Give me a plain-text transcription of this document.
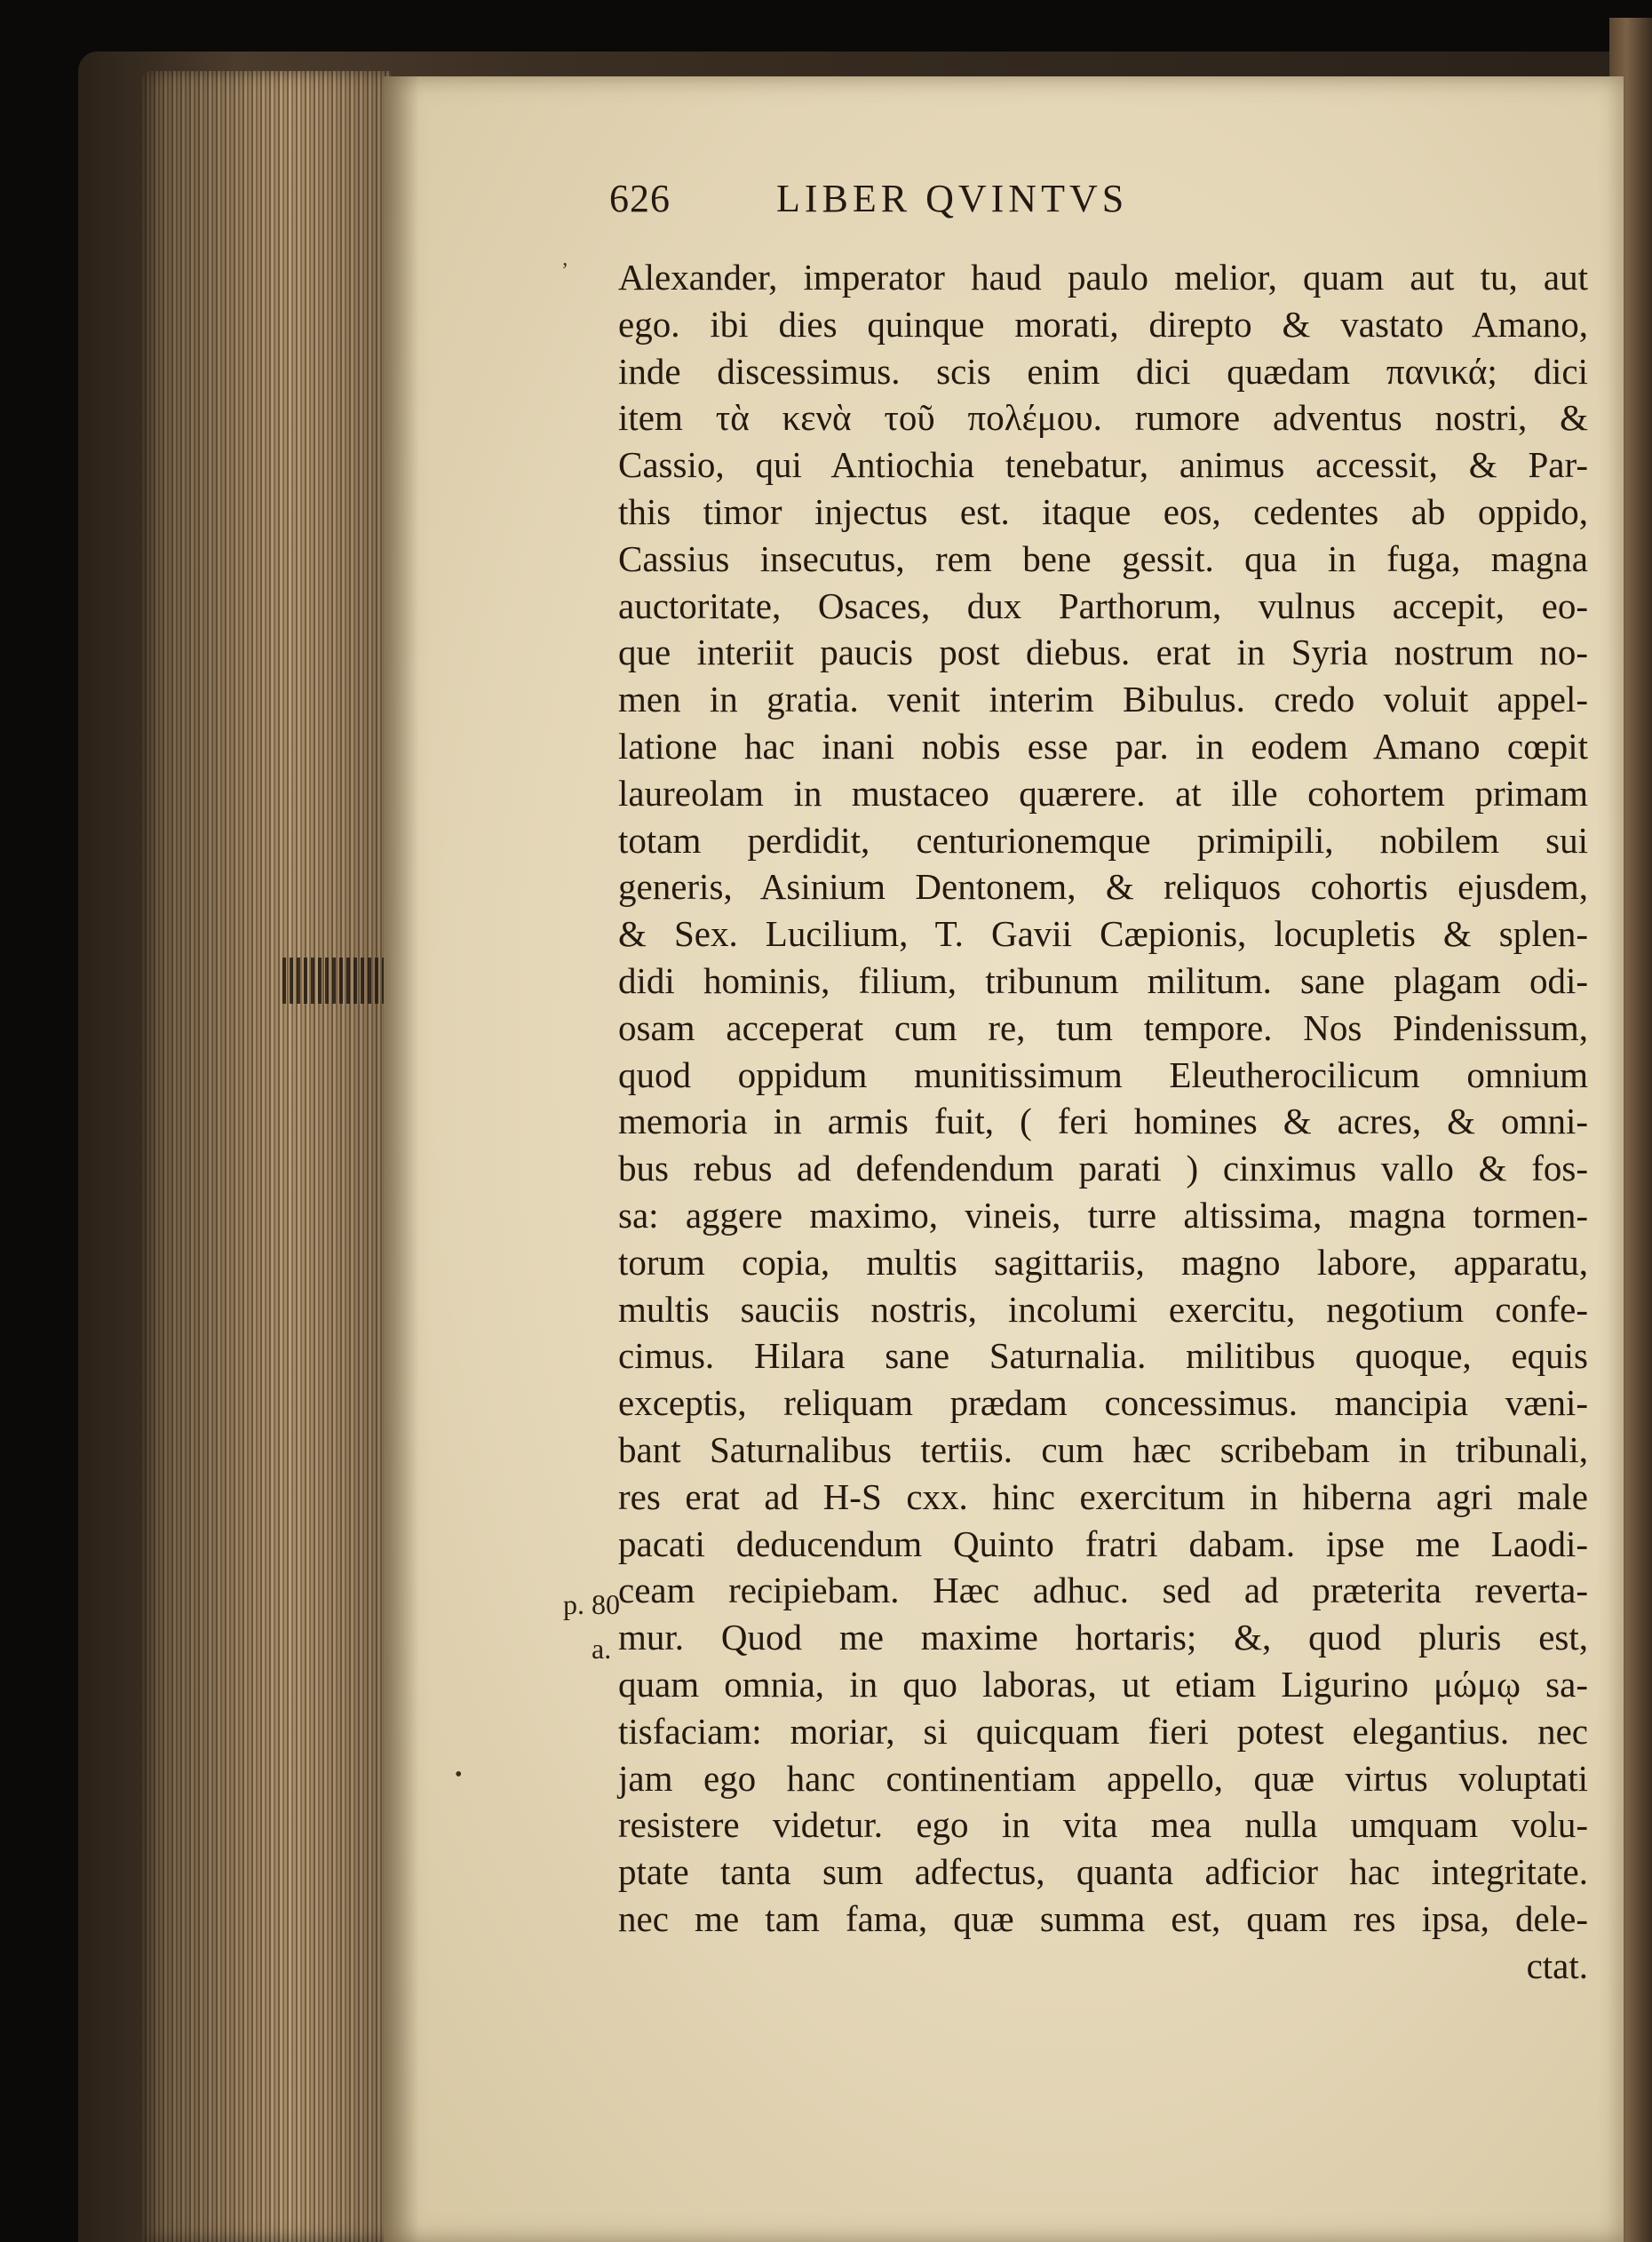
626	LIBER QVINTVS
Alexander, imperator haud paulo melior, quam aut tu, aut
ego. ibi dies quinque morati, direpto & vastato Amano,
inde discessimus. scis enim dici quædam πανικά; dici
item τὰ κενὰ τοῦ πολέμου. rumore adventus nostri, &
Cassio, qui Antiochia tenebatur, animus accessit, & Par-
this timor injectus est. itaque eos, cedentes ab oppido,
Cassius insecutus, rem bene gessit. qua in fuga, magna
auctoritate, Osaces, dux Parthorum, vulnus accepit, eo-
que interiit paucis post diebus. erat in Syria nostrum no-
men in gratia. venit interim Bibulus. credo voluit appel-
latione hac inani nobis esse par. in eodem Amano cœpit
laureolam in mustaceo quærere. at ille cohortem primam
totam perdidit, centurionemque primipili, nobilem sui
generis, Asinium Dentonem, & reliquos cohortis ejusdem,
& Sex. Lucilium, T. Gavii Cæpionis, locupletis & splen-
didi hominis, filium, tribunum militum. sane plagam odi-
osam acceperat cum re, tum tempore. Nos Pindenissum,
quod oppidum munitissimum Eleutherocilicum omnium
memoria in armis fuit, ( feri homines & acres, & omni-
bus rebus ad defendendum parati ) cinximus vallo & fos-
sa: aggere maximo, vineis, turre altissima, magna tormen-
torum copia, multis sagittariis, magno labore, apparatu,
multis sauciis nostris, incolumi exercitu, negotium confe-
cimus. Hilara sane Saturnalia. militibus quoque, equis
exceptis, reliquam prædam concessimus. mancipia væni-
bant Saturnalibus tertiis. cum hæc scribebam in tribunali,
res erat ad H-S cxx. hinc exercitum in hiberna agri male
pacati deducendum Quinto fratri dabam. ipse me Laodi-
ceam recipiebam. Hæc adhuc. sed ad præterita reverta-
mur. Quod me maxime hortaris; &, quod pluris est,
quam omnia, in quo laboras, ut etiam Ligurino μώμῳ sa-
tisfaciam: moriar, si quicquam fieri potest elegantius. nec
jam ego hanc continentiam appello, quæ virtus voluptati
resistere videtur. ego in vita mea nulla umquam volu-
ptate tanta sum adfectus, quanta adficior hac integritate.
nec me tam fama, quæ summa est, quam res ipsa, dele-
ctat.
p. 80
a.
ʼ
•
